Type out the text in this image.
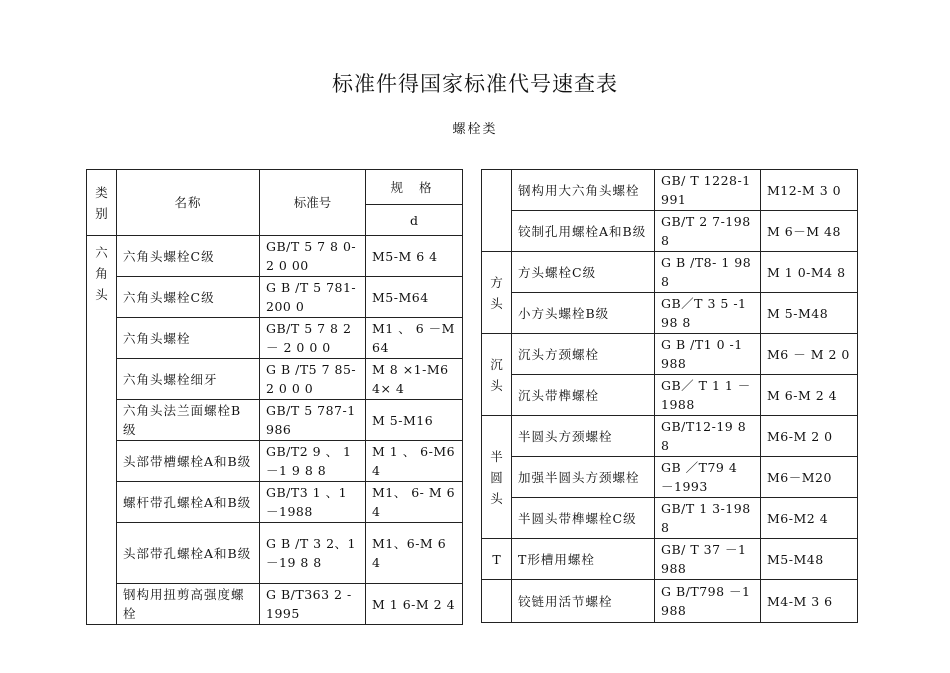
标准件得国家标准代号速查表
螺栓类
类
别	名称	标准号	规 格
			d
六
角
头	六角头螺栓C级	GB/T 5 7 8 0-2 0 00	M5-M 6 4
	六角头螺栓C级	G B /T 5 781-200 0	M5-M64
	六角头螺栓	GB/T 5 7 8 2－ 2 0 0 0	M1 、 6 －M64
	六角头螺栓细牙	G B /T5 7 85-2 0 0 0	M 8 ×1-M64× 4
	六角头法兰面螺栓B级	GB/T 5 787-1 986	M 5-M16
	头部带槽螺栓A和B级	GB/T2 9 、 1－1 9 8 8	M 1 、 6-M64
	螺杆带孔螺栓A和B级	GB/T3 1 、1 －1988	M1、 6- M 64
	头部带孔螺栓A和B级	G B /T 3 2、1－19 8 8	M1、6-M 6 4
	钢构用扭剪高强度螺栓	G B/T363 2 -1995	M 1 6-M 2 4
	钢构用大六角头螺栓	GB/ T 1228-1991	M12-M 3 0
	铰制孔用螺栓A和B级	GB/T 2 7-198 8	M 6－M 48
方
头	方头螺栓C级	G B /T8- 1 988	M 1 0-M4 8
	小方头螺栓B级	GB／T 3 5 -198 8	M 5-M48
沉
头	沉头方颈螺栓	G B /T1 0 -1 988	M6 － M 2 0
	沉头带榫螺栓	GB／ T 1 1 －1988	M 6-M 2 4
半
圆
头	半圆头方颈螺栓	GB/T12-19 8 8	M6-M 2 0
	加强半圆头方颈螺栓	GB ／T79 4 －1993	M6－M20
	半圆头带榫螺栓C级	GB/T 1 3-1988	M6-M2 4
T	T形槽用螺栓	GB/ T 37 －1988	M5-M48
	铰链用活节螺栓	G B/T798 －1988	M4-M 3 6
